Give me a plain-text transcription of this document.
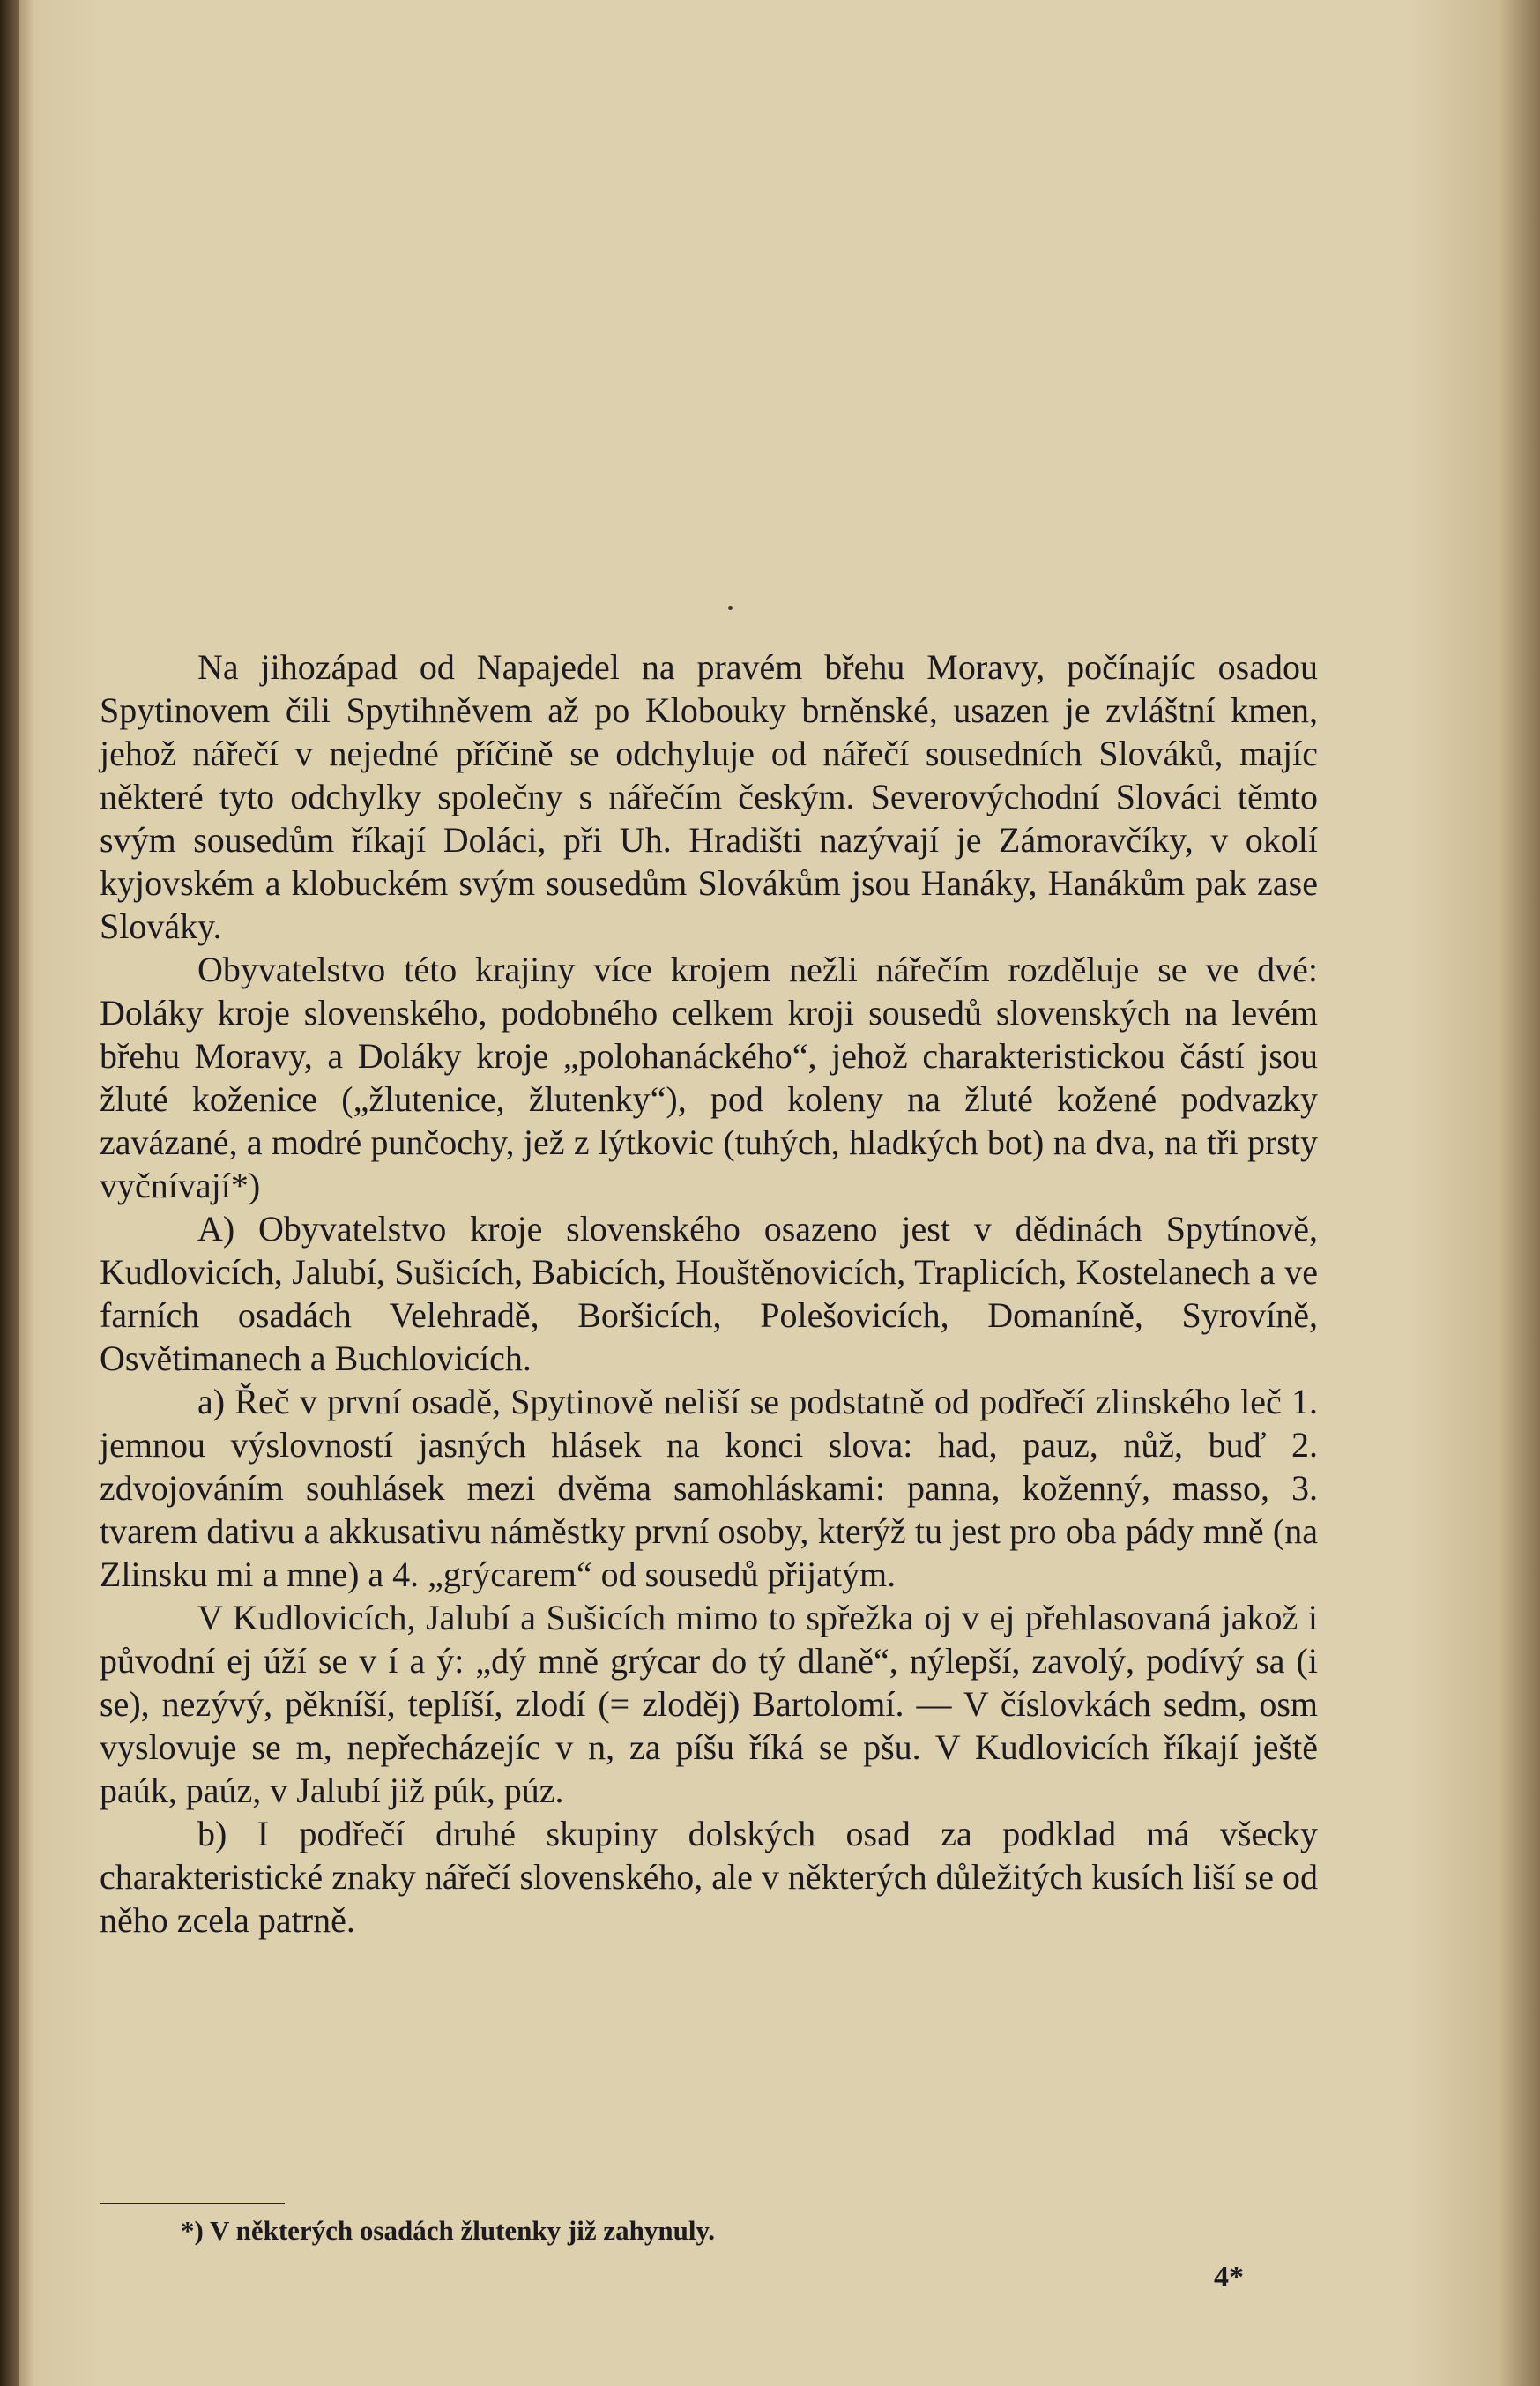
Na jihozápad od Napajedel na pravém břehu Moravy, počínajíc osadou Spytinovem čili Spytihněvem až po Klobouky brněnské, usazen je zvláštní kmen, jehož nářečí v nejedné příčině se odchyluje od nářečí sousedních Slováků, majíc některé tyto odchylky společny s nářečím českým. Severovýchodní Slováci těmto svým sousedům říkají Doláci, při Uh. Hradišti nazývají je Zámoravčíky, v okolí kyjovském a klobuckém svým sousedům Slovákům jsou Hanáky, Hanákům pak zase Slováky.

Obyvatelstvo této krajiny více krojem nežli nářečím rozděluje se ve dvé: Doláky kroje slovenského, podobného celkem kroji sousedů slovenských na levém břehu Moravy, a Doláky kroje „polohanáckého“, jehož charakteristickou částí jsou žluté koženice („žlutenice, žlutenky“), pod koleny na žluté kožené podvazky zavázané, a modré punčochy, jež z lýtkovic (tuhých, hladkých bot) na dva, na tři prsty vyčnívají*)

A) Obyvatelstvo kroje slovenského osazeno jest v dědinách Spytínově, Kudlovicích, Jalubí, Sušicích, Babicích, Houštěnovicích, Traplicích, Kostelanech a ve farních osadách Velehradě, Boršicích, Polešovicích, Domaníně, Syrovíně, Osvětimanech a Buchlovicích.

a) Řeč v první osadě, Spytinově neliší se podstatně od podřečí zlinského leč 1. jemnou výslovností jasných hlásek na konci slova: had, pauz, nůž, buď 2. zdvojováním souhlásek mezi dvěma samohláskami: panna, koženný, masso, 3. tvarem dativu a akkusativu náměstky první osoby, kterýž tu jest pro oba pády mně (na Zlinsku mi a mne) a 4. „grýcarem“ od sousedů přijatým.

V Kudlovicích, Jalubí a Sušicích mimo to spřežka oj v ej přehlasovaná jakož i původní ej úží se v í a ý: „dý mně grýcar do tý dlaně“, nýlepší, zavolý, podívý sa (i se), nezývý, pěkníší, teplíší, zlodí (= zloděj) Bartolomí. — V číslovkách sedm, osm vyslovuje se m, nepřecházejíc v n, za píšu říká se pšu. V Kudlovicích říkají ještě paúk, paúz, v Jalubí již púk, púz.

b) I podřečí druhé skupiny dolských osad za podklad má všecky charakteristické znaky nářečí slovenského, ale v některých důležitých kusích liší se od něho zcela patrně.

*) V některých osadách žlutenky již zahynuly.
4*
